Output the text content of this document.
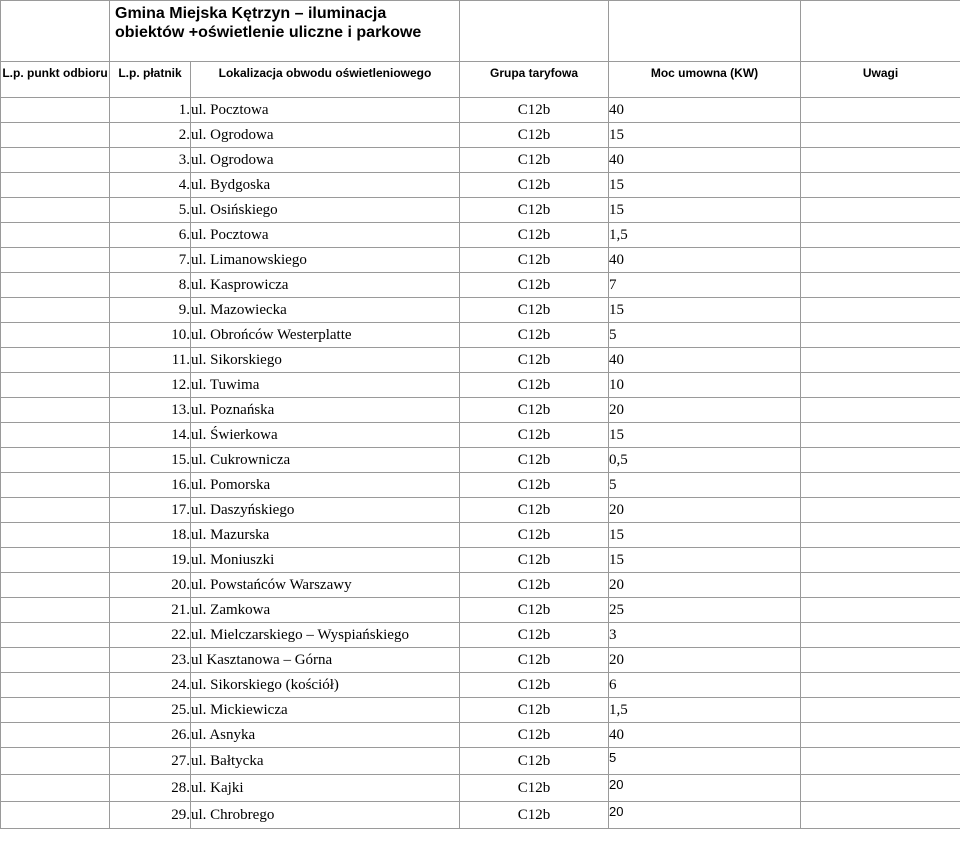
	Gmina Miejska Kętrzyn – iluminacja obiektów +oświetlenie uliczne i parkowe				

L.p. punkt odbioru	L.p. płatnik	Lokalizacja obwodu oświetleniowego	Grupa taryfowa	Moc umowna (KW)	Uwagi

	1.	ul. Pocztowa	C12b	40	
	2.	ul. Ogrodowa	C12b	15	
	3.	ul. Ogrodowa	C12b	40	
	4.	ul. Bydgoska	C12b	15	
	5.	ul. Osińskiego	C12b	15	
	6.	ul. Pocztowa	C12b	1,5	
	7.	ul. Limanowskiego	C12b	40	
	8.	ul. Kasprowicza	C12b	7	
	9.	ul. Mazowiecka	C12b	15	
	10.	ul. Obrońców Westerplatte	C12b	5	
	11.	ul. Sikorskiego	C12b	40	
	12.	ul. Tuwima	C12b	10	
	13.	ul. Poznańska	C12b	20	
	14.	ul. Świerkowa	C12b	15	
	15.	ul. Cukrownicza	C12b	0,5	
	16.	ul. Pomorska	C12b	5	
	17.	ul. Daszyńskiego	C12b	20	
	18.	ul. Mazurska	C12b	15	
	19.	ul. Moniuszki	C12b	15	
	20.	ul. Powstańców Warszawy	C12b	20	
	21.	ul. Zamkowa	C12b	25	
	22.	ul. Mielczarskiego – Wyspiańskiego	C12b	3	
	23.	ul Kasztanowa – Górna	C12b	20	
	24.	ul. Sikorskiego (kościół)	C12b	6	
	25.	ul. Mickiewicza	C12b	1,5	
	26.	ul. Asnyka	C12b	40	
	27.	ul. Bałtycka	C12b	5	
	28.	ul. Kajki	C12b	20	
	29.	ul. Chrobrego	C12b	20	
